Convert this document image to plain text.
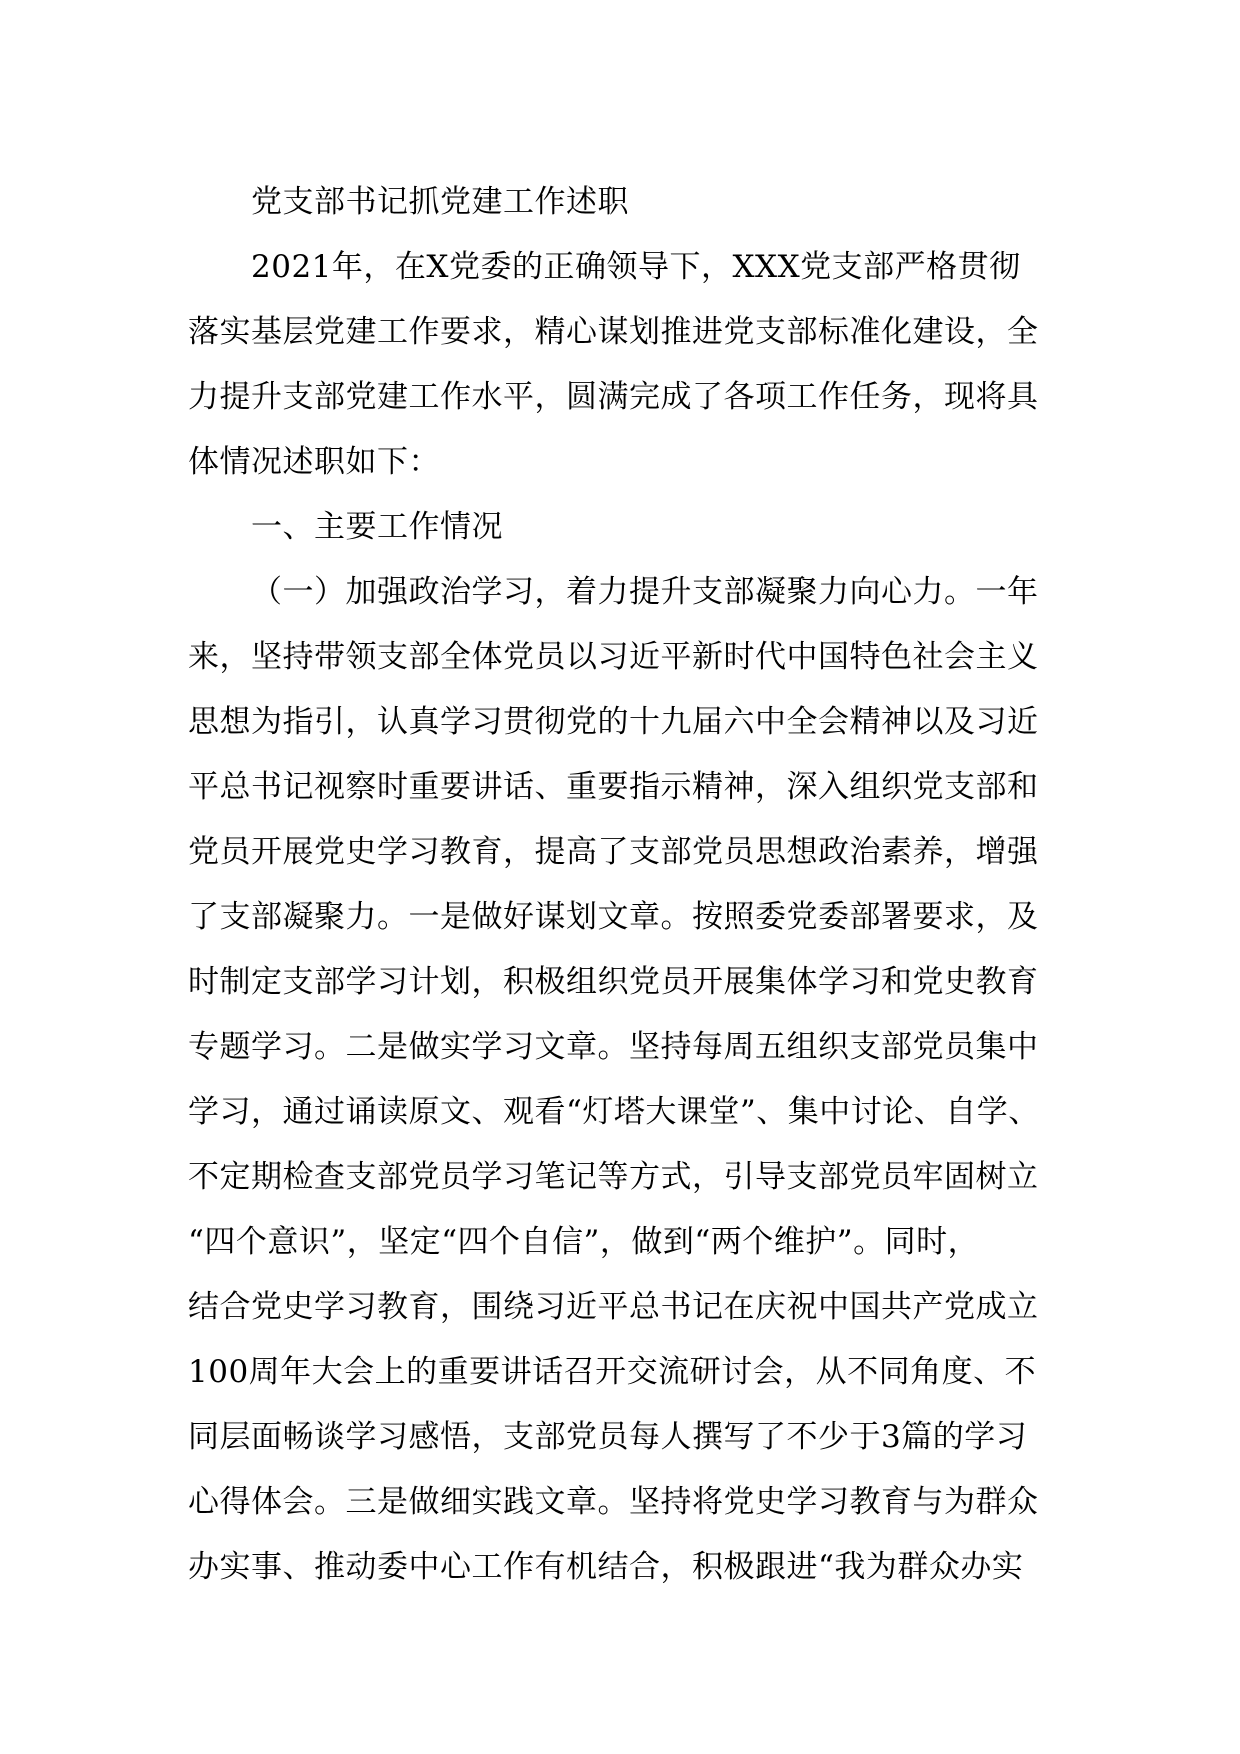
党支部书记抓党建工作述职
2021年，在X党委的正确领导下，XXX党支部严格贯彻
落实基层党建工作要求，精心谋划推进党支部标准化建设，全
力提升支部党建工作水平，圆满完成了各项工作任务，现将具
体情况述职如下：
一、主要工作情况
（一）加强政治学习，着力提升支部凝聚力向心力。一年
来，坚持带领支部全体党员以习近平新时代中国特色社会主义
思想为指引，认真学习贯彻党的十九届六中全会精神以及习近
平总书记视察时重要讲话、重要指示精神，深入组织党支部和
党员开展党史学习教育，提高了支部党员思想政治素养，增强
了支部凝聚力。一是做好谋划文章。按照委党委部署要求，及
时制定支部学习计划，积极组织党员开展集体学习和党史教育
专题学习。二是做实学习文章。坚持每周五组织支部党员集中
学习，通过诵读原文、观看“灯塔大课堂”、集中讨论、自学、
不定期检查支部党员学习笔记等方式，引导支部党员牢固树立
“四个意识”，坚定“四个自信”，做到“两个维护”。同时，
结合党史学习教育，围绕习近平总书记在庆祝中国共产党成立
100周年大会上的重要讲话召开交流研讨会，从不同角度、不
同层面畅谈学习感悟，支部党员每人撰写了不少于3篇的学习
心得体会。三是做细实践文章。坚持将党史学习教育与为群众
办实事、推动委中心工作有机结合，积极跟进“我为群众办实
